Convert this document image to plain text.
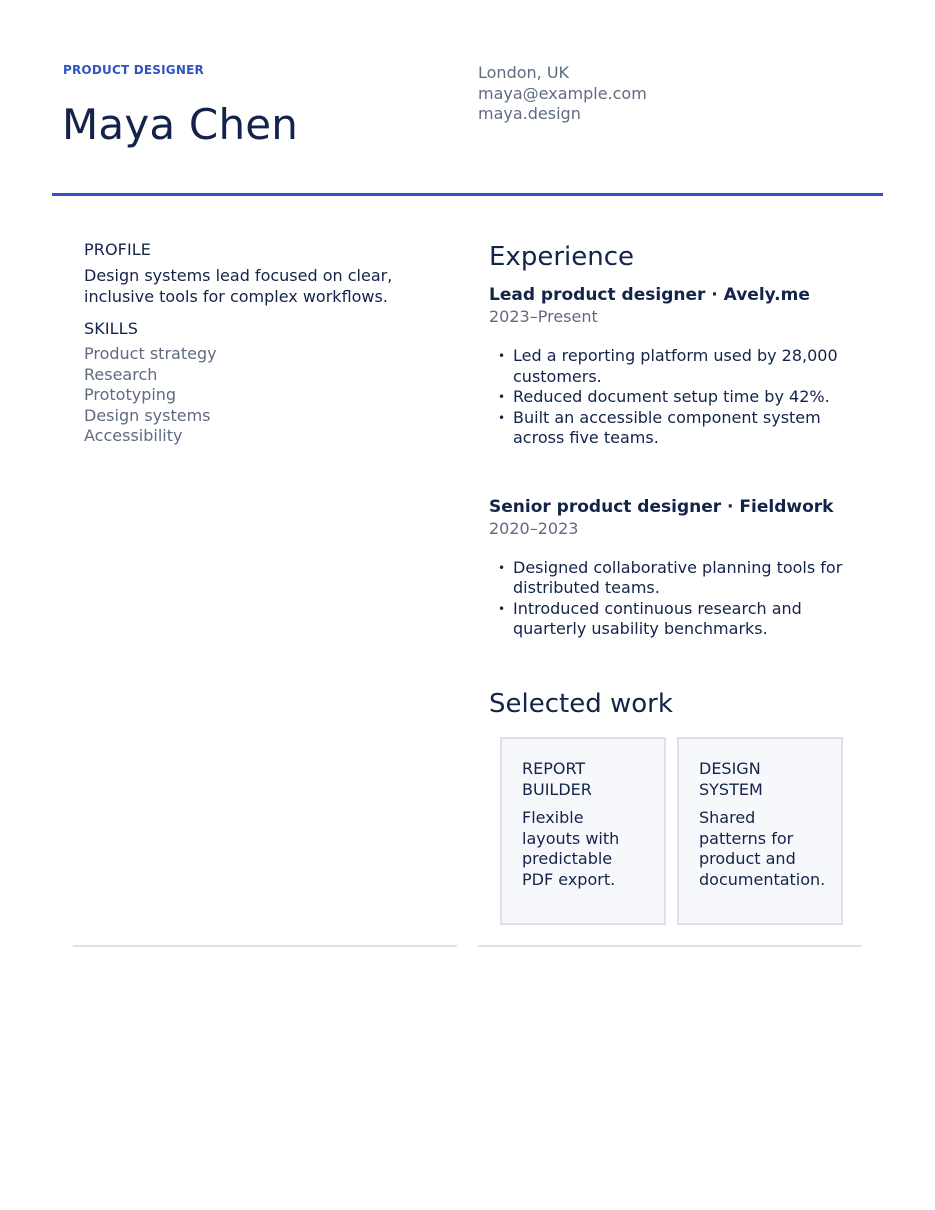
PRODUCT DESIGNER
Maya Chen
London, UK
maya@example.com
maya.design
PROFILE

Design systems lead focused on clear, inclusive tools for complex workflows.

SKILLS
Product strategy
Research
Prototyping
Design systems
Accessibility
Experience
Lead product designer · Avely.me
2023–Present
• Led a reporting platform used by 28,000 customers.
• Reduced document setup time by 42%.
• Built an accessible component system across five teams.
Senior product designer · Fieldwork
2020–2023
• Designed collaborative planning tools for distributed teams.
• Introduced continuous research and quarterly usability benchmarks.
Selected work
REPORT BUILDER

Flexible layouts with predictable PDF export.

DESIGN SYSTEM

Shared patterns for product and documentation.
